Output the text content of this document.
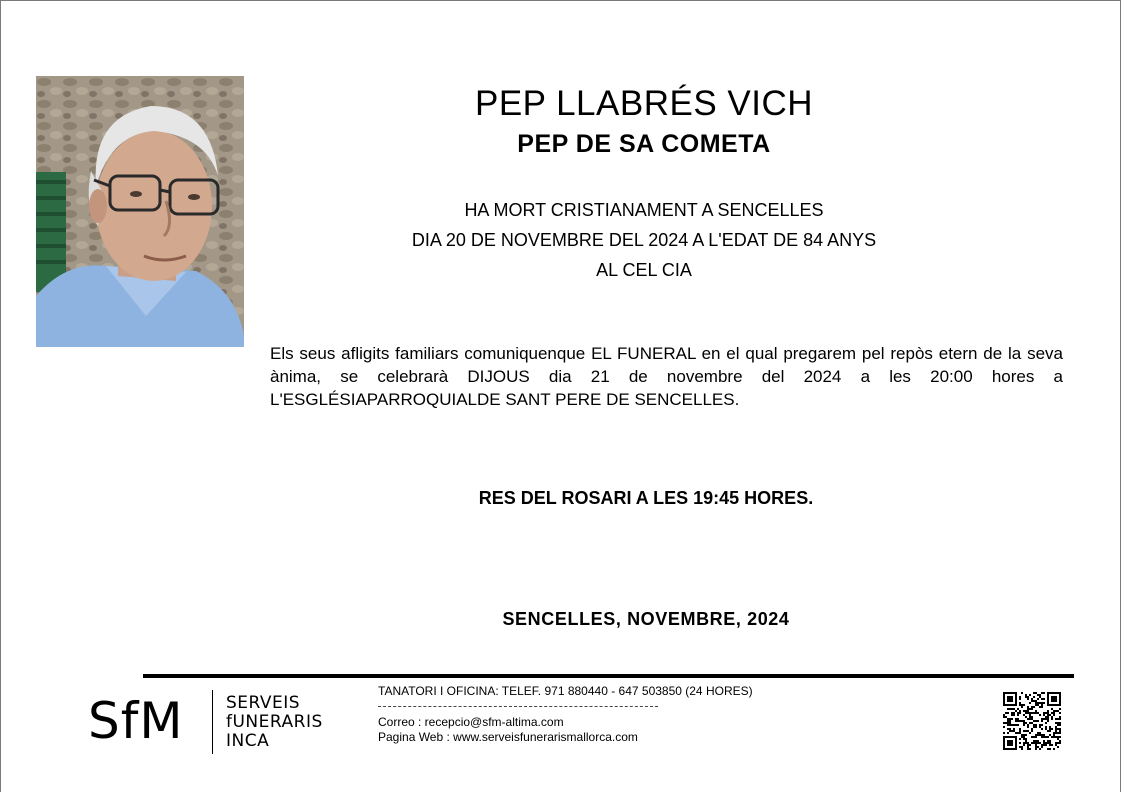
PEP LLABRÉS VICH
PEP DE SA COMETA
HA MORT CRISTIANAMENT A SENCELLES
DIA 20 DE NOVEMBRE DEL 2024 A L'EDAT DE 84 ANYS
AL CEL CIA
Els seus afligits familiars comuniquenque EL FUNERAL en el qual pregarem pel repòs etern de la seva ànima, se celebrarà DIJOUS dia 21 de novembre del 2024 a les 20:00 hores a L'ESGLÉSIAPARROQUIALDE SANT PERE DE SENCELLES.
RES DEL ROSARI A LES 19:45 HORES.
SENCELLES, NOVEMBRE, 2024
SfM	SERVEIS
fUNERARIS
INCA
TANATORI I OFICINA: TELEF. 971 880440 - 647 503850 (24 HORES)
Correo : recepcio@sfm-altima.com
Pagina Web : www.serveisfunerarismallorca.com
